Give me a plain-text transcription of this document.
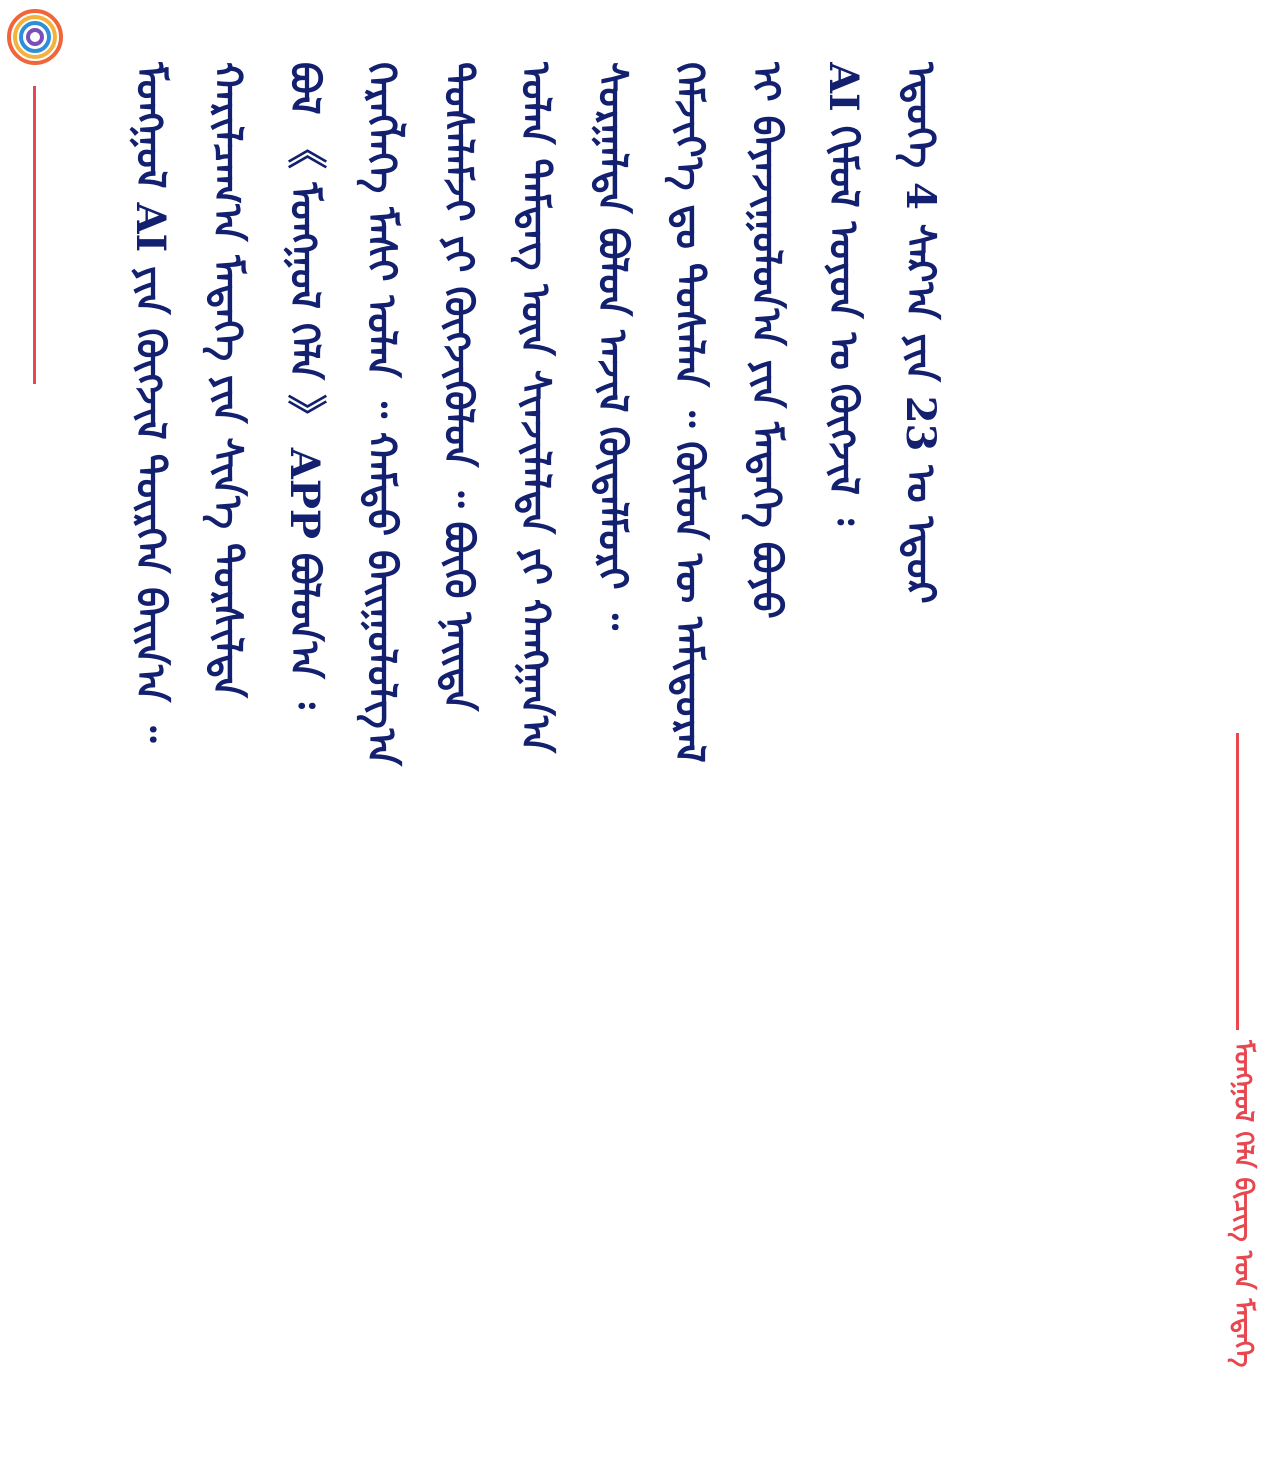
ᠮᠣᠩᠭᠣᠯ ᠬᠡᠯᠡ ᠪᠢᠴᠢᠭ᠌ ᠤᠨ ᠮᠡᠳᠡᠭᠡ
ᠮᠣᠩᠭᠣᠯ AI ᠶᠢᠨ ᠬᠥᠭᠵᠢᠯ ᠲᠦᠷᠭᠡᠨ ᠪᠠᠢᠨ᠎ᠠ ᠃ ᠬᠠᠷᠢᠯᠴᠠᠭ᠎ᠠ ᠮᠡᠳᠡᠭᠡ ᠶᠢᠨ ᠰᠢᠨ᠎ᠡ ᠲᠤᠷᠰᠢᠯᠲᠠ ᠪᠣᠯ 《 ᠮᠣᠩᠭᠣᠯ ᠬᠡᠯᠡ 》 APP ᠪᠣᠯᠤᠨ᠎ᠠ ᠄ ᠬᠡᠷᠡᠭᠯᠡᠭᠡ ᠮᠠᠰᠢ ᠣᠯᠠᠨ ᠃ ᠬᠠᠮᠲᠤ ᠪᠠᠢᠭᠤᠯᠤᠯᠭ᠎ᠠ ᠲᠤᠰᠠᠯᠠᠮᠵᠢ ᠶᠢ ᠬᠥᠭᠵᠢᠭᠦᠯᠦᠨ ᠃ ᠪᠦᠬᠦ ᠨᠡᠢᠲᠡ ᠣᠯᠠᠨ ᠲᠡᠮᠳᠡᠭ ᠦᠨ ᠰᠢᠨᠵᠢᠯᠡᠯᠲᠡ ᠶᠢ ᠬᠠᠩᠭ᠋ᠠᠨ᠎ᠠ ᠰᠤᠷᠭᠠᠯᠲᠠ ᠪᠣᠯᠤᠨ ᠠᠵᠢᠯ ᠬᠥᠳᠡᠯᠮᠦᠷᠢ ᠃ ᠬᠡᠮᠵᠢᠶ᠎ᠡ ᠳᠤ ᠲᠤᠰᠠᠯᠠᠨ ᠃ ᠬᠦᠮᠦᠨ ᠦ ᠠᠮᠢᠳᠤᠷᠠᠯ ᠢ ᠪᠠᠶᠠᠵᠢᠭᠤᠯᠤᠨ᠎ᠠ ᠶᠢᠨ ᠮᠡᠳᠡᠭᠡ ᠪᠤᠶᠤ AI ᠬᠢᠮᠤᠯ ᠣᠶᠤᠨ ᠤ ᠬᠥᠭᠵᠢᠯ ᠄ ᠡᠳᠦᠭᠡ 4 ᠰᠠᠷ᠎ᠠ ᠶᠢᠨ 23 ᠤ ᠡᠳᠦᠷ
